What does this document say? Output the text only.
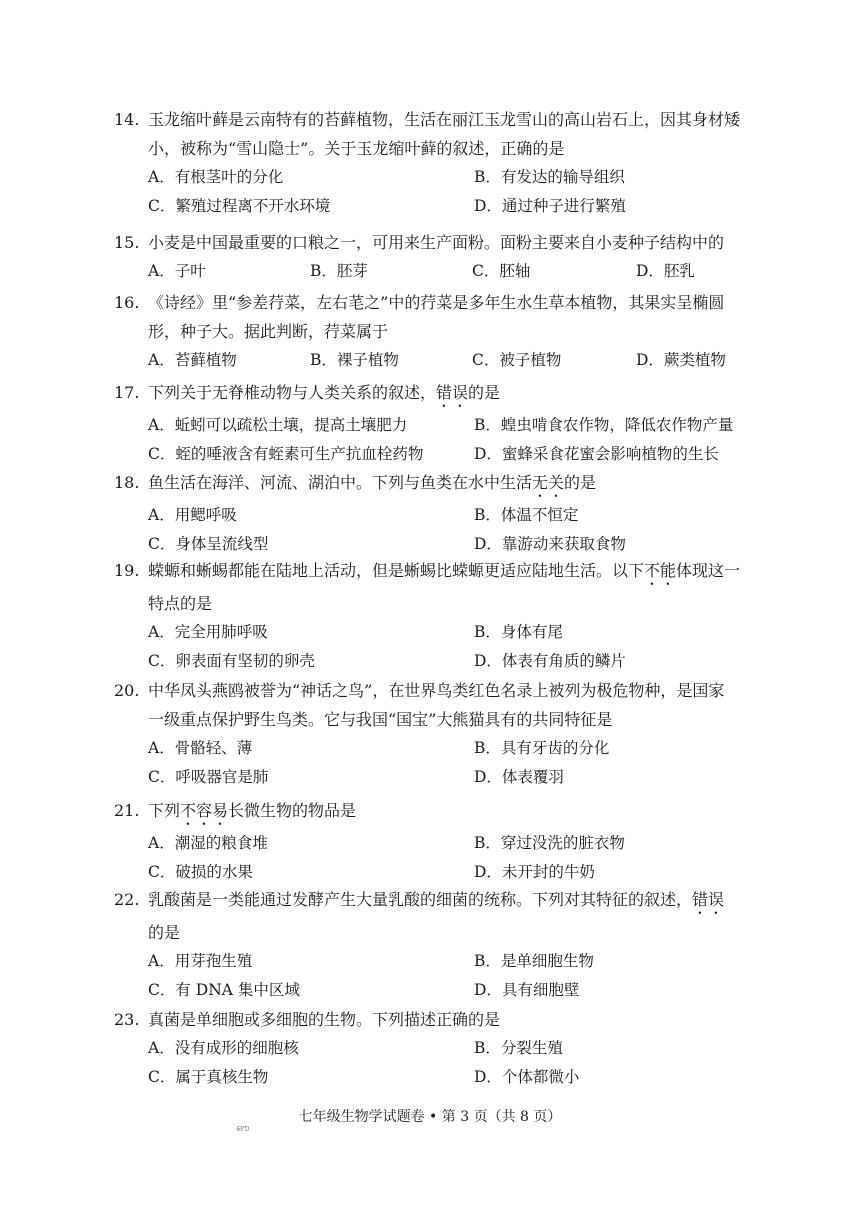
14. 玉龙缩叶藓是云南特有的苔藓植物，生活在丽江玉龙雪山的高山岩石上，因其身材矮
小，被称为“雪山隐士”。关于玉龙缩叶藓的叙述，正确的是
A．有根茎叶的分化	B．有发达的输导组织
C．繁殖过程离不开水环境	D．通过种子进行繁殖
15. 小麦是中国最重要的口粮之一，可用来生产面粉。面粉主要来自小麦种子结构中的
A．子叶	B．胚芽	C．胚轴	D．胚乳
16. 《诗经》里“参差荇菜，左右芼之”中的荇菜是多年生水生草本植物，其果实呈椭圆
形，种子大。据此判断，荇菜属于
A．苔藓植物	B．裸子植物	C．被子植物	D．蕨类植物
17. 下列关于无脊椎动物与人类关系的叙述，错误的是
A．蚯蚓可以疏松土壤，提高土壤肥力	B．蝗虫啃食农作物，降低农作物产量
C．蛭的唾液含有蛭素可生产抗血栓药物	D．蜜蜂采食花蜜会影响植物的生长
18. 鱼生活在海洋、河流、湖泊中。下列与鱼类在水中生活无关的是
A．用鳃呼吸	B．体温不恒定
C．身体呈流线型	D．靠游动来获取食物
19. 蝾螈和蜥蜴都能在陆地上活动，但是蜥蜴比蝾螈更适应陆地生活。以下不能体现这一
特点的是
A．完全用肺呼吸	B．身体有尾
C．卵表面有坚韧的卵壳	D．体表有角质的鳞片
20. 中华凤头燕鸥被誉为“神话之鸟”，在世界鸟类红色名录上被列为极危物种，是国家
一级重点保护野生鸟类。它与我国“国宝”大熊猫具有的共同特征是
A．骨骼轻、薄	B．具有牙齿的分化
C．呼吸器官是肺	D．体表覆羽
21. 下列不容易长微生物的物品是
A．潮湿的粮食堆	B．穿过没洗的脏衣物
C．破损的水果	D．未开封的牛奶
22. 乳酸菌是一类能通过发酵产生大量乳酸的细菌的统称。下列对其特征的叙述，错误
的是
A．用芽孢生殖	B．是单细胞生物
C．有 DNA 集中区域	D．具有细胞壁
23. 真菌是单细胞或多细胞的生物。下列描述正确的是
A．没有成形的细胞核	B．分裂生殖
C．属于真核生物	D．个体都微小
七年级生物学试题卷 • 第 3 页（共 8 页）
ഔ
